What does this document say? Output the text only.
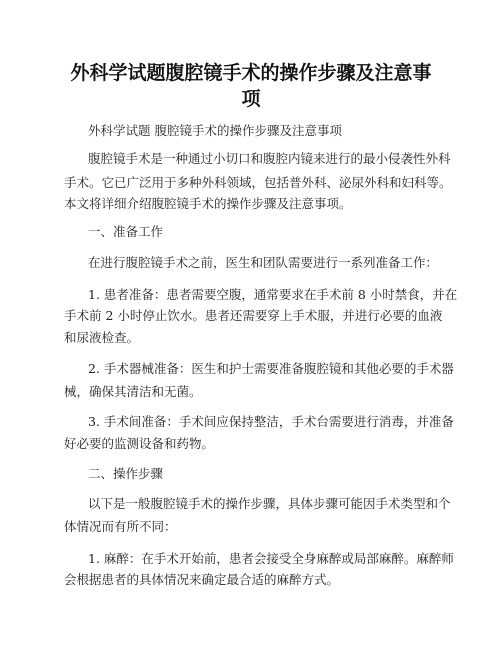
外科学试题腹腔镜手术的操作步骤及注意事
项
外科学试题 腹腔镜手术的操作步骤及注意事项
腹腔镜手术是一种通过小切口和腹腔内镜来进行的最小侵袭性外科
手术。它已广泛用于多种外科领域，包括普外科、泌尿外科和妇科等。
本文将详细介绍腹腔镜手术的操作步骤及注意事项。
一、准备工作
在进行腹腔镜手术之前，医生和团队需要进行一系列准备工作：
1. 患者准备：患者需要空腹，通常要求在手术前 8 小时禁食，并在
手术前 2 小时停止饮水。患者还需要穿上手术服，并进行必要的血液
和尿液检查。
2. 手术器械准备：医生和护士需要准备腹腔镜和其他必要的手术器
械，确保其清洁和无菌。
3. 手术间准备：手术间应保持整洁，手术台需要进行消毒，并准备
好必要的监测设备和药物。
二、操作步骤
以下是一般腹腔镜手术的操作步骤，具体步骤可能因手术类型和个
体情况而有所不同：
1. 麻醉：在手术开始前，患者会接受全身麻醉或局部麻醉。麻醉师
会根据患者的具体情况来确定最合适的麻醉方式。
